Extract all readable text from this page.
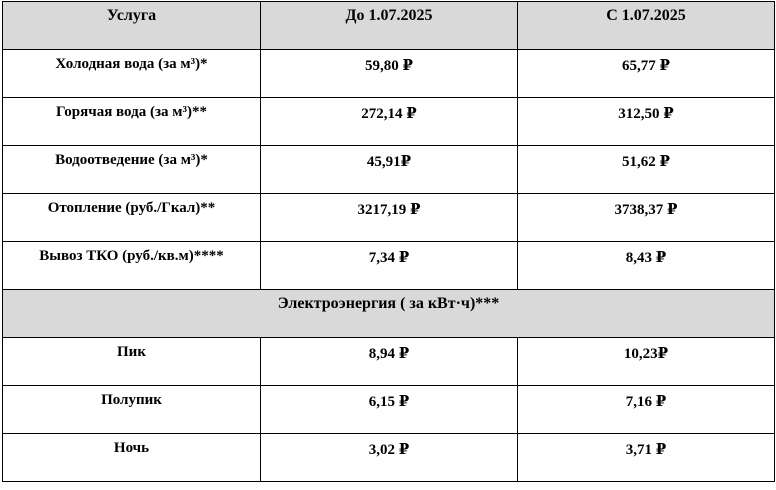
Услуга	До 1.07.2025	С 1.07.2025
Холодная вода (за м³)*	59,80 ₽	65,77 ₽
Горячая вода (за м³)**	272,14 ₽	312,50 ₽
Водоотведение (за м³)*	45,91₽	51,62 ₽
Отопление (руб./Гкал)**	3217,19 ₽	3738,37 ₽
Вывоз ТКО (руб./кв.м)****	7,34 ₽	8,43 ₽
Электроэнергия ( за кВт·ч)***		
Пик	8,94 ₽	10,23₽
Полупик	6,15 ₽	7,16 ₽
Ночь	3,02 ₽	3,71 ₽
